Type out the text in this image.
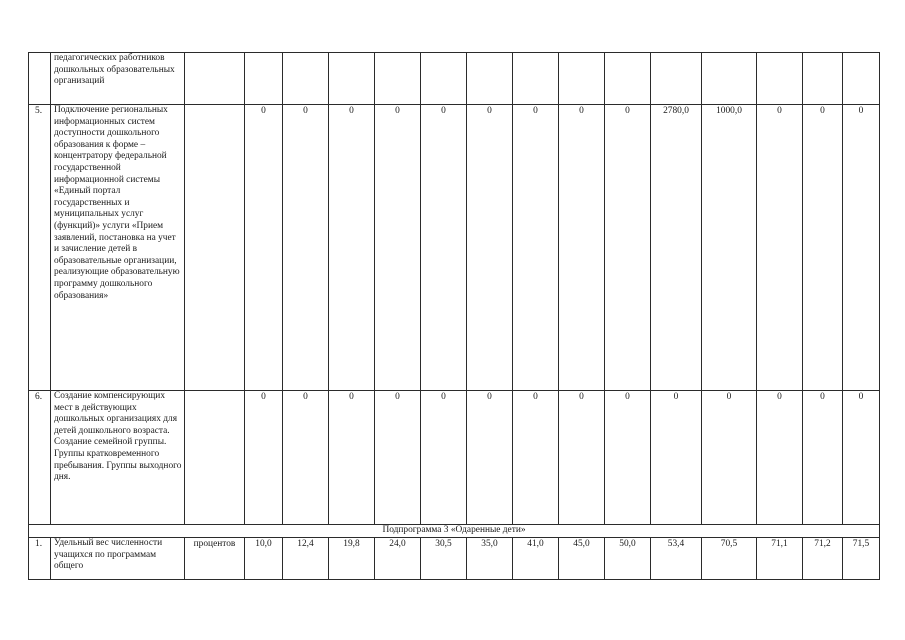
	педагогических работников дошкольных образовательных организаций															
5.	Подключение региональных информационных систем доступности дошкольного образования к форме – концентратору федеральной государственной информационной системы «Единый портал государственных и муниципальных услуг (функций)» услуги «Прием заявлений, постановка на учет и зачисление детей в образовательные организации, реализующие образовательную программу дошкольного образования»		0	0	0	0	0	0	0	0	0	2780,0	1000,0	0	0	0
6.	Создание компенсирующих мест в действующих дошкольных организациях для детей дошкольного возраста. Создание семейной группы. Группы кратковременного пребывания. Группы выходного дня.		0	0	0	0	0	0	0	0	0	0	0	0	0	0
Подпрограмма 3 «Одаренные дети»																
1.	Удельный вес численности учащихся по программам общего	процентов	10,0	12,4	19,8	24,0	30,5	35,0	41,0	45,0	50,0	53,4	70,5	71,1	71,2	71,5
